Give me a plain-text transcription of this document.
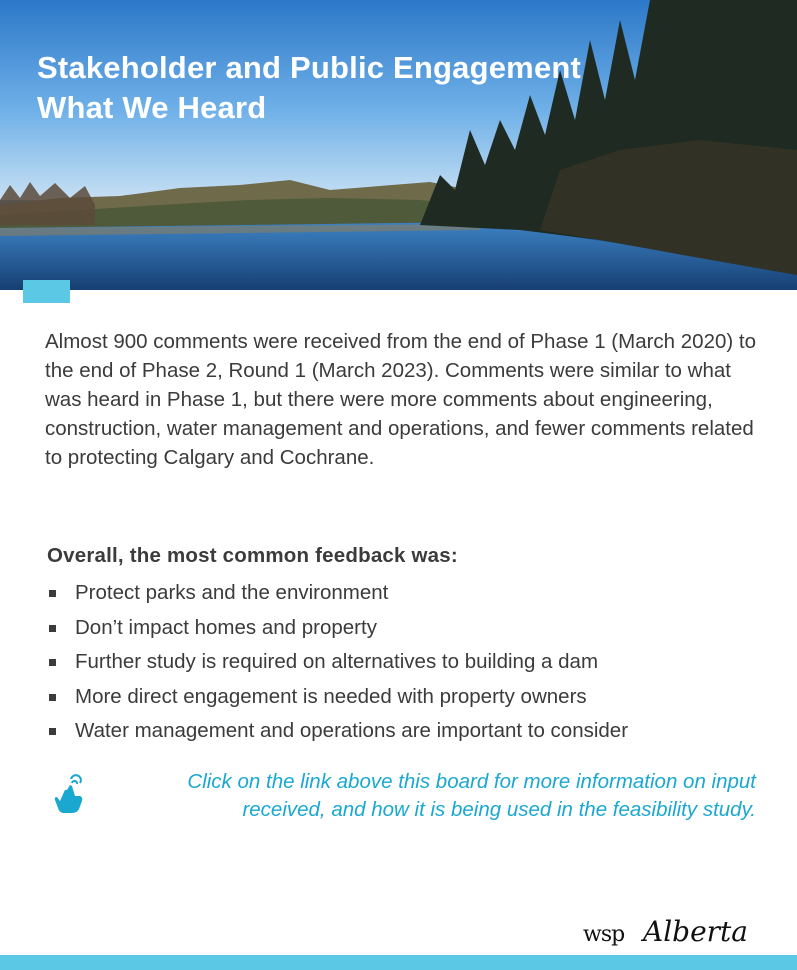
Stakeholder and Public Engagement
What We Heard

Almost 900 comments were received from the end of Phase 1 (March 2020) to the end of Phase 2, Round 1 (March 2023). Comments were similar to what was heard in Phase 1, but there were more comments about engineering, construction, water management and operations, and fewer comments related to protecting Calgary and Cochrane.

Overall, the most common feedback was:

Protect parks and the environment
Don’t impact homes and property
Further study is required on alternatives to building a dam
More direct engagement is needed with property owners
Water management and operations are important to consider

Click on the link above this board for more information on input
received, and how it is being used in the feasibility study.

wsp Alberta
